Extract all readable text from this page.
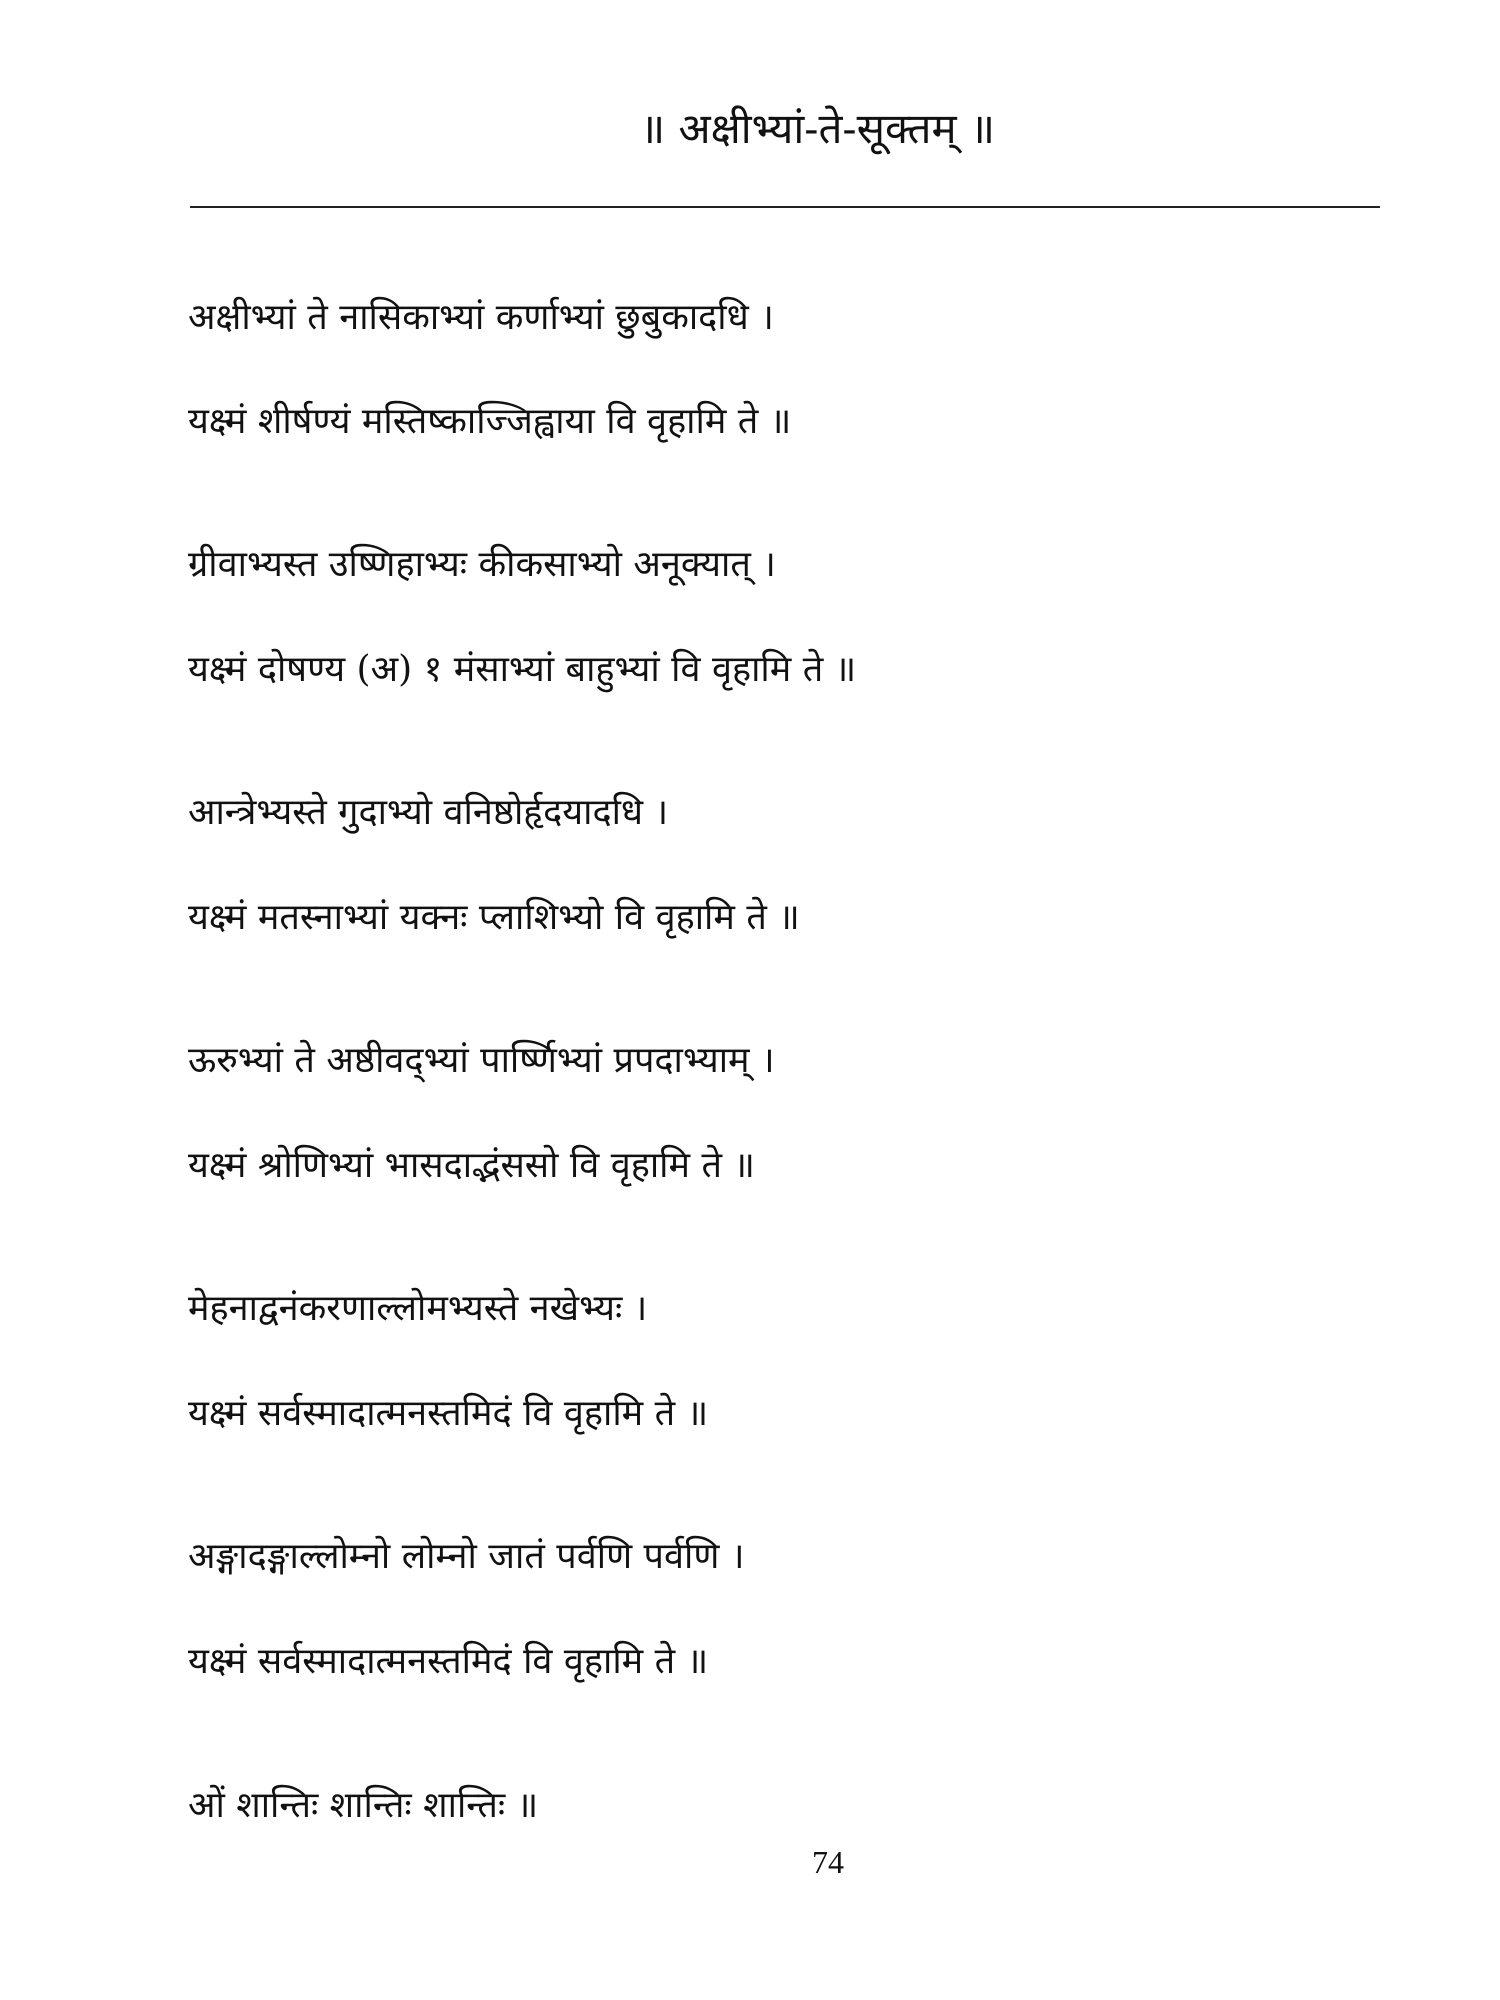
॥ अक्षीभ्यां-ते-सूक्तम् ॥
अक्षीभ्यां ते नासिकाभ्यां कर्णाभ्यां छुबुकादधि ।
यक्ष्मं शीर्षण्यं मस्तिष्काज्जिह्वाया वि वृहामि ते ॥
ग्रीवाभ्यस्त उष्णिहाभ्यः कीकसाभ्यो अनूक्यात् ।
यक्ष्मं दोषण्य (अ) १ मंसाभ्यां बाहुभ्यां वि वृहामि ते ॥
आन्त्रेभ्यस्ते गुदाभ्यो वनिष्ठोर्हृदयादधि ।
यक्ष्मं मतस्नाभ्यां यक्नः प्लाशिभ्यो वि वृहामि ते ॥
ऊरुभ्यां ते अष्ठीवद्भ्यां पार्ष्णिभ्यां प्रपदाभ्याम् ।
यक्ष्मं श्रोणिभ्यां भासदाद्भंससो वि वृहामि ते ॥
मेहनाद्वनंकरणाल्लोमभ्यस्ते नखेभ्यः ।
यक्ष्मं सर्वस्मादात्मनस्तमिदं वि वृहामि ते ॥
अङ्गादङ्गाल्लोम्नो लोम्नो जातं पर्वणि पर्वणि ।
यक्ष्मं सर्वस्मादात्मनस्तमिदं वि वृहामि ते ॥
ओं शान्तिः शान्तिः शान्तिः ॥
74
